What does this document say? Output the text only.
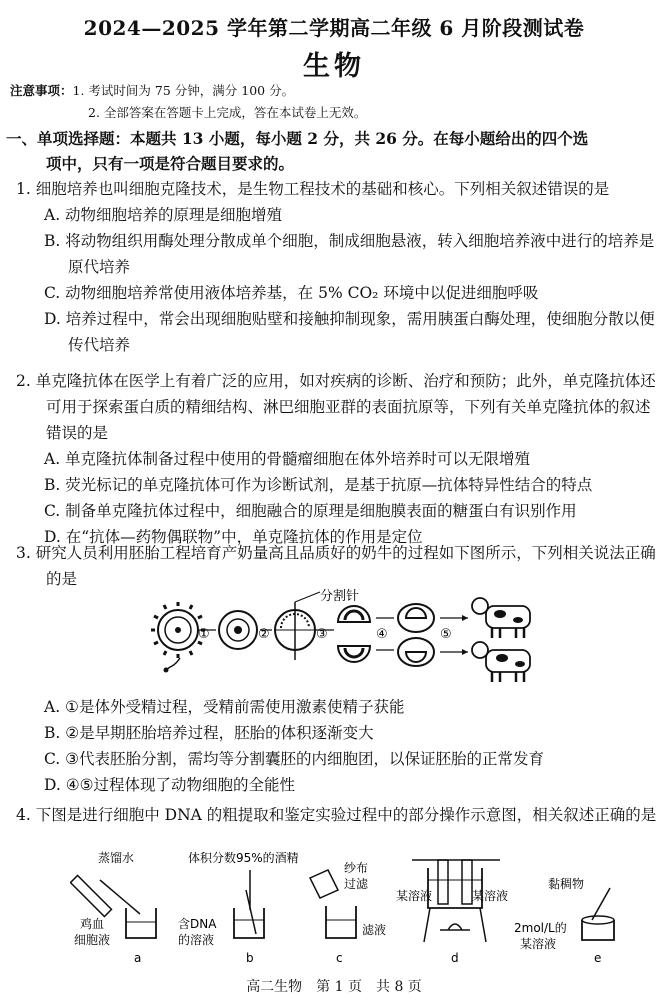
2024—2025 学年第二学期高二年级 6 月阶段测试卷
生物
注意事项：1. 考试时间为 75 分钟，满分 100 分。
2. 全部答案在答题卡上完成，答在本试卷上无效。
一、单项选择题：本题共 13 小题，每小题 2 分，共 26 分。在每小题给出的四个选
项中，只有一项是符合题目要求的。
1. 细胞培养也叫细胞克隆技术，是生物工程技术的基础和核心。下列相关叙述错误的是
A. 动物细胞培养的原理是细胞增殖
B. 将动物组织用酶处理分散成单个细胞，制成细胞悬液，转入细胞培养液中进行的培养是原代培养
C. 动物细胞培养常使用液体培养基，在 5% CO₂ 环境中以促进细胞呼吸
D. 培养过程中，常会出现细胞贴壁和接触抑制现象，需用胰蛋白酶处理，使细胞分散以便传代培养
2. 单克隆抗体在医学上有着广泛的应用，如对疾病的诊断、治疗和预防；此外，单克隆抗体还可用于探索蛋白质的精细结构、淋巴细胞亚群的表面抗原等，下列有关单克隆抗体的叙述错误的是
A. 单克隆抗体制备过程中使用的骨髓瘤细胞在体外培养时可以无限增殖
B. 荧光标记的单克隆抗体可作为诊断试剂，是基于抗原—抗体特异性结合的特点
C. 制备单克隆抗体过程中，细胞融合的原理是细胞膜表面的糖蛋白有识别作用
D. 在“抗体—药物偶联物”中，单克隆抗体的作用是定位
3. 研究人员利用胚胎工程培育产奶量高且品质好的奶牛的过程如下图所示，下列相关说法正确的是
①	②
分割针
③	④	⑤
A. ①是体外受精过程，受精前需使用激素使精子获能
B. ②是早期胚胎培养过程，胚胎的体积逐渐变大
C. ③代表胚胎分割，需均等分割囊胚的内细胞团，以保证胚胎的正常发育
D. ④⑤过程体现了动物细胞的全能性
4. 下图是进行细胞中 DNA 的粗提取和鉴定实验过程中的部分操作示意图，相关叙述正确的是
蒸馏水
鸡血
细胞液
a
体积分数95%的酒精
含DNA
的溶液
b
纱布
过滤
滤液
c
某溶液	某溶液
d
黏稠物
2mol/L的
某溶液
e
高二生物　第 1 页　共 8 页
